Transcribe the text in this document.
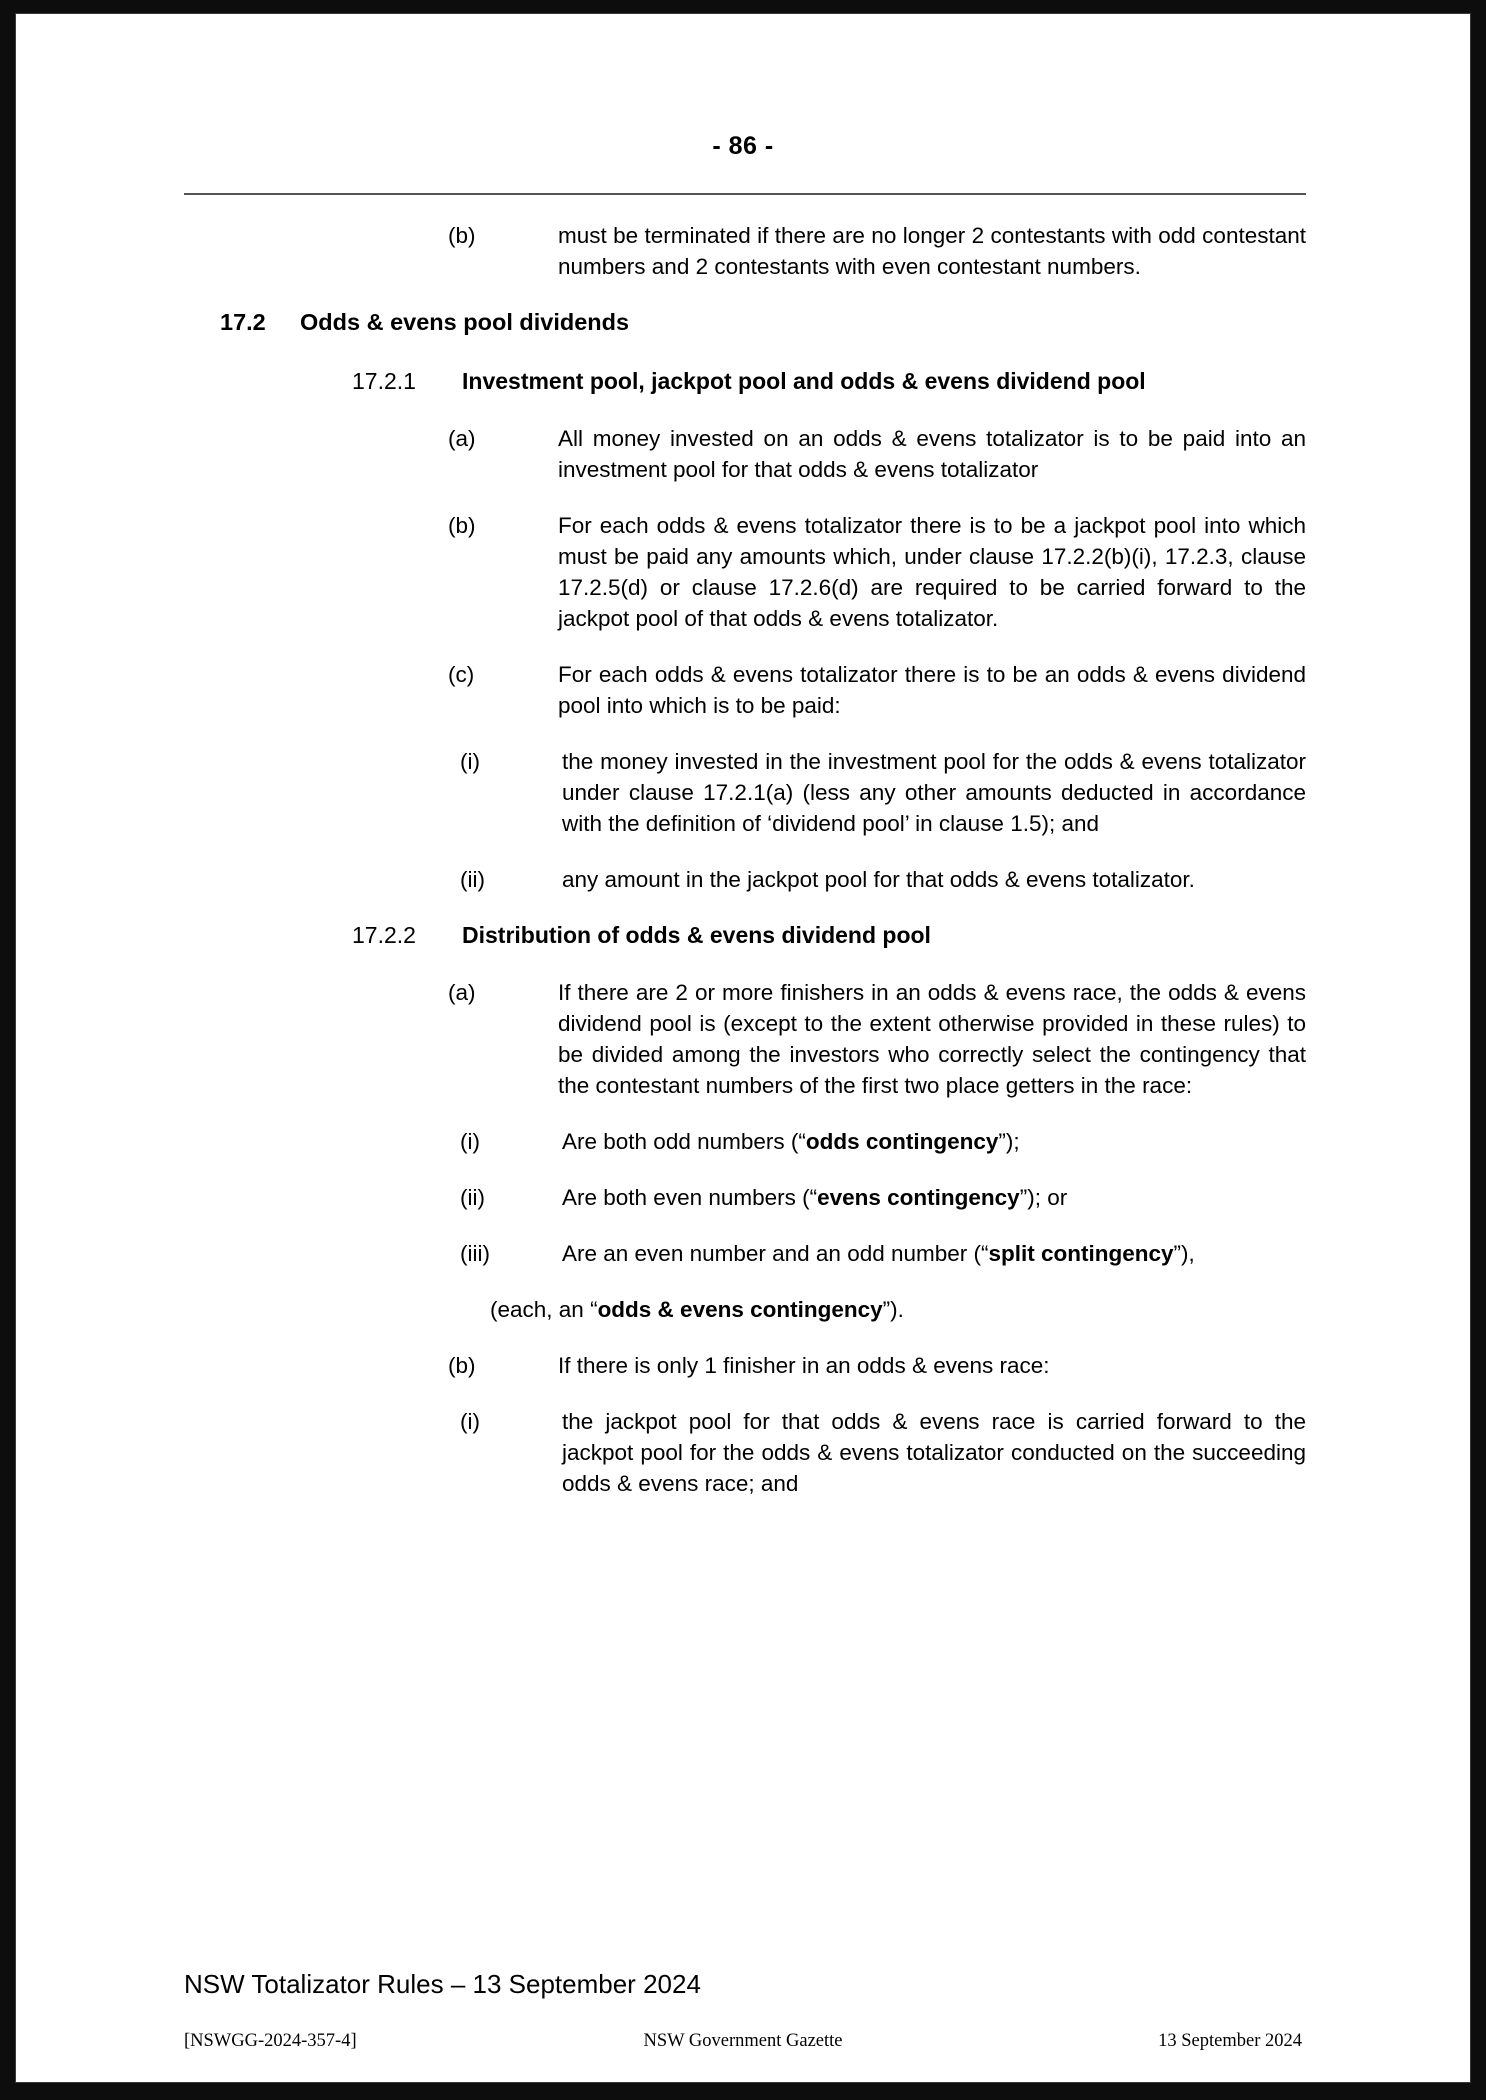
- 86 -
(b)	must be terminated if there are no longer 2 contestants with odd contestant numbers and 2 contestants with even contestant numbers.
17.2	Odds & evens pool dividends
17.2.1	Investment pool, jackpot pool and odds & evens dividend pool
(a)	All money invested on an odds & evens totalizator is to be paid into an investment pool for that odds & evens totalizator
(b)	For each odds & evens totalizator there is to be a jackpot pool into which must be paid any amounts which, under clause 17.2.2(b)(i), 17.2.3, clause 17.2.5(d) or clause 17.2.6(d) are required to be carried forward to the jackpot pool of that odds & evens totalizator.
(c)	For each odds & evens totalizator there is to be an odds & evens dividend pool into which is to be paid:
(i)	the money invested in the investment pool for the odds & evens totalizator under clause 17.2.1(a) (less any other amounts deducted in accordance with the definition of ‘dividend pool’ in clause 1.5); and
(ii)	any amount in the jackpot pool for that odds & evens totalizator.
17.2.2	Distribution of odds & evens dividend pool
(a)	If there are 2 or more finishers in an odds & evens race, the odds & evens dividend pool is (except to the extent otherwise provided in these rules) to be divided among the investors who correctly select the contingency that the contestant numbers of the first two place getters in the race:
(i)	Are both odd numbers (“odds contingency”);
(ii)	Are both even numbers (“evens contingency”); or
(iii)	Are an even number and an odd number (“split contingency”),
(each, an “odds & evens contingency”).
(b)	If there is only 1 finisher in an odds & evens race:
(i)	the jackpot pool for that odds & evens race is carried forward to the jackpot pool for the odds & evens totalizator conducted on the succeeding odds & evens race; and
NSW Totalizator Rules – 13 September 2024
[NSWGG-2024-357-4]	NSW Government Gazette	13 September 2024
